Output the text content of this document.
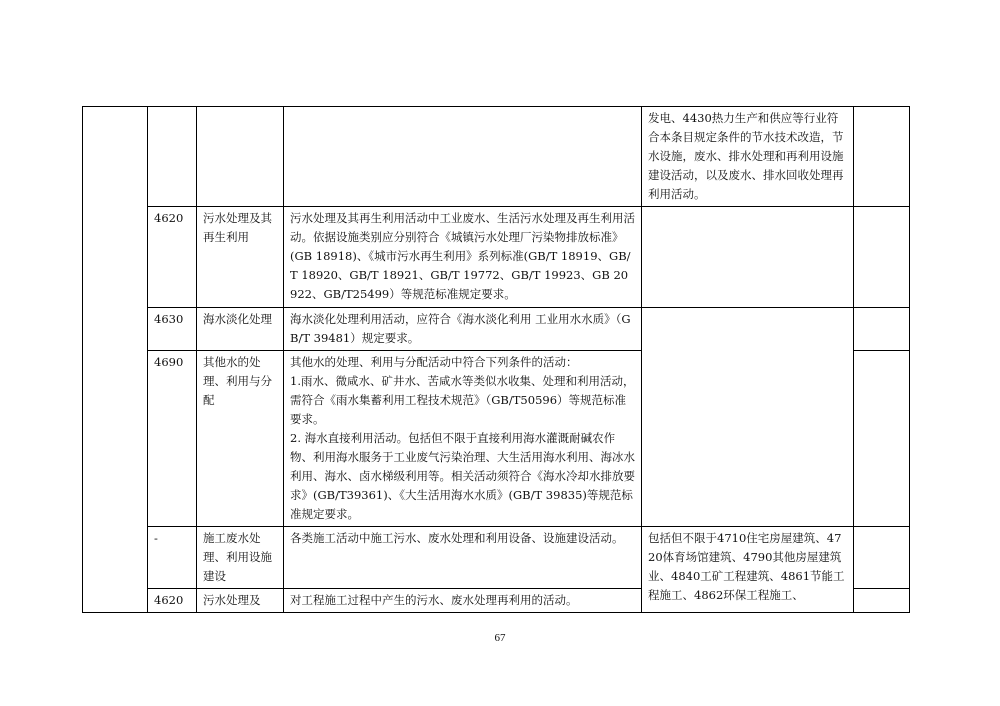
				发电、4430热力生产和供应等行业符合本条目规定条件的节水技术改造，节水设施，废水、排水处理和再利用设施建设活动，以及废水、排水回收处理再利用活动。	
	4620	污水处理及其再生利用	污水处理及其再生利用活动中工业废水、生活污水处理及再生利用活动。依据设施类别应分别符合《城镇污水处理厂污染物排放标准》(GB 18918)、《城市污水再生利用》系列标准(GB/T 18919、GB/T 18920、GB/T 18921、GB/T 19772、GB/T 19923、GB 20922、GB/T25499）等规范标准规定要求。		
	4630	海水淡化处理	海水淡化处理利用活动，应符合《海水淡化利用 工业用水水质》（GB/T 39481）规定要求。		
	4690	其他水的处理、利用与分配	其他水的处理、利用与分配活动中符合下列条件的活动：
1.雨水、微咸水、矿井水、苦咸水等类似水收集、处理和利用活动，需符合《雨水集蓄利用工程技术规范》（GB/T50596）等规范标准要求。
2. 海水直接利用活动。包括但不限于直接利用海水灌溉耐碱农作物、利用海水服务于工业废气污染治理、大生活用海水利用、海冰水利用、海水、卤水梯级利用等。相关活动须符合《海水冷却水排放要求》(GB/T39361)、《大生活用海水水质》(GB/T 39835)等规范标准规定要求。		

	-	施工废水处理、利用设施建设	各类施工活动中施工污水、废水处理和利用设备、设施建设活动。	包括但不限于4710住宅房屋建筑、4720体育场馆建筑、4790其他房屋建筑业、4840工矿工程建筑、4861节能工程施工、4862环保工程施工、	
	4620	污水处理及	对工程施工过程中产生的污水、废水处理再利用的活动。		
67
